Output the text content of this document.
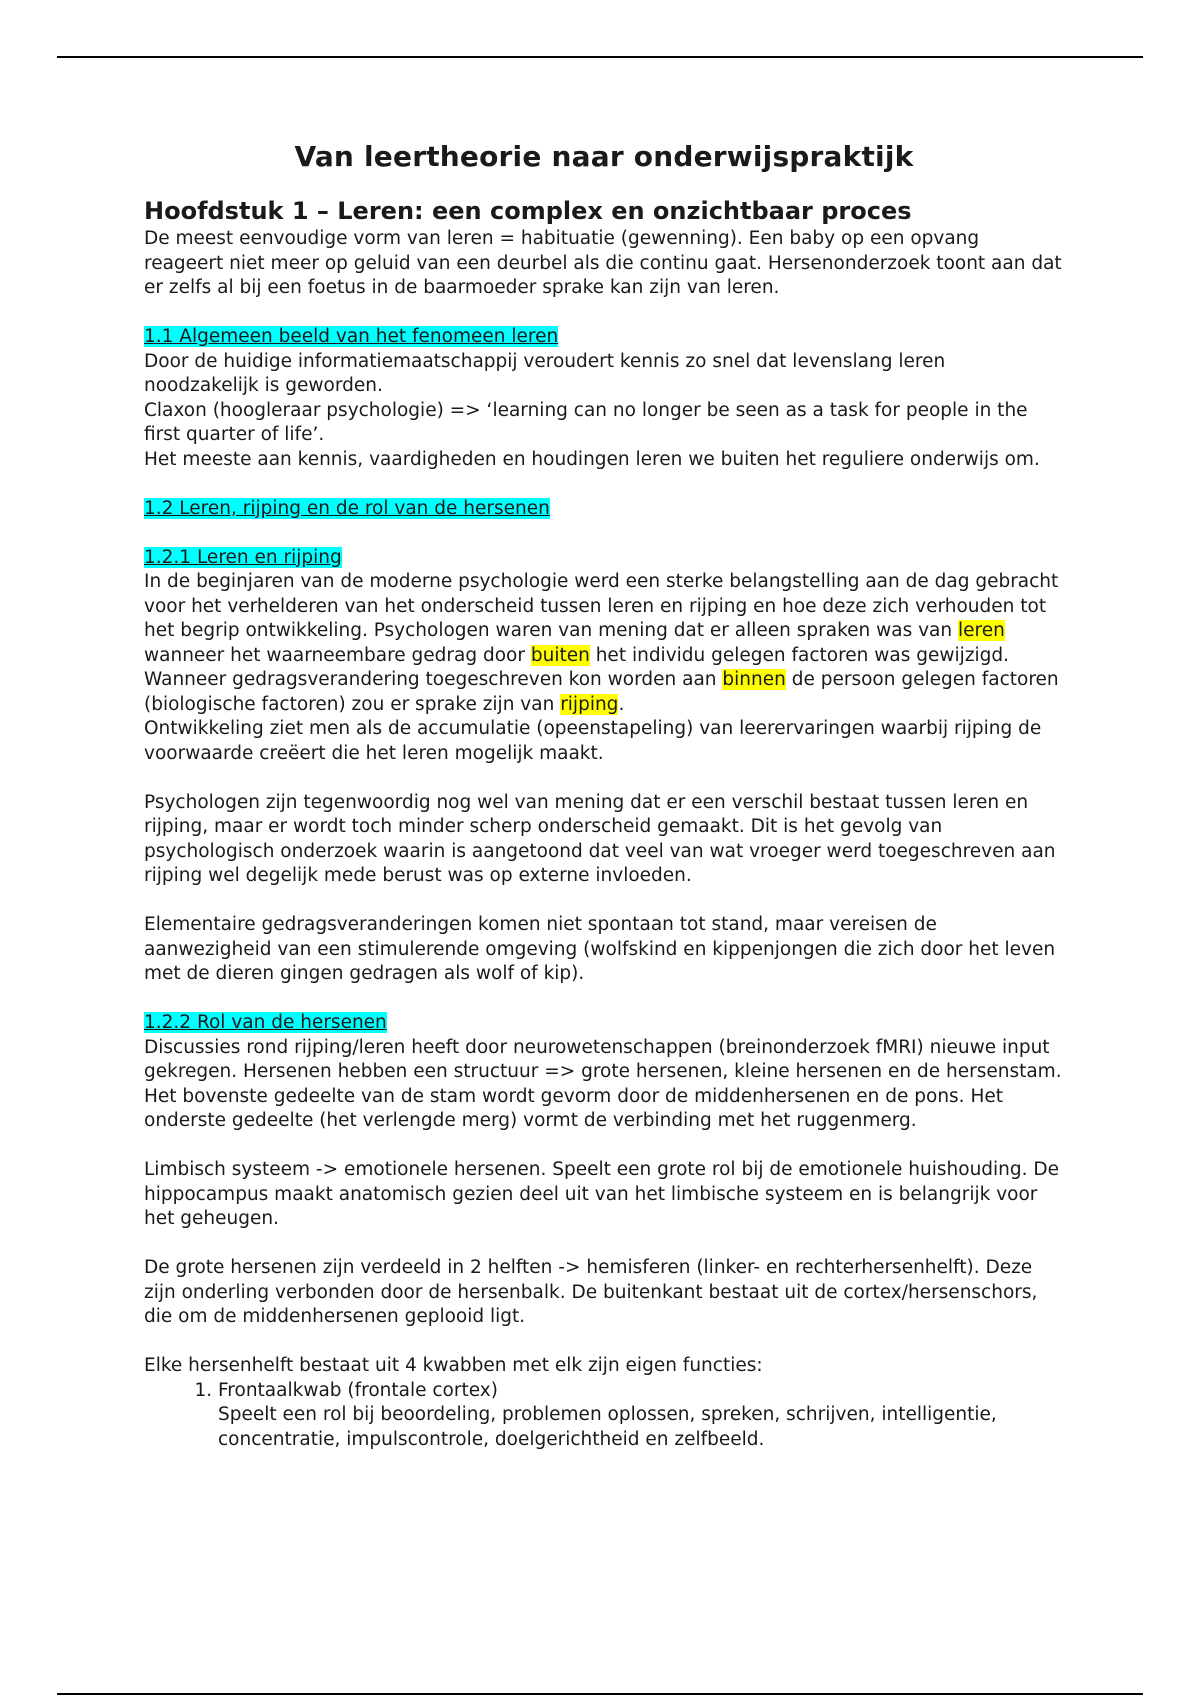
Van leertheorie naar onderwijspraktijk
Hoofdstuk 1 – Leren: een complex en onzichtbaar proces

De meest eenvoudige vorm van leren = habituatie (gewenning). Een baby op een opvang reageert niet meer op geluid van een deurbel als die continu gaat. Hersenonderzoek toont aan dat er zelfs al bij een foetus in de baarmoeder sprake kan zijn van leren.

1.1 Algemeen beeld van het fenomeen leren

Door de huidige informatiemaatschappij veroudert kennis zo snel dat levenslang leren noodzakelijk is geworden.

Claxon (hoogleraar psychologie) => ‘learning can no longer be seen as a task for people in the first quarter of life’.

Het meeste aan kennis, vaardigheden en houdingen leren we buiten het reguliere onderwijs om.

1.2 Leren, rijping en de rol van de hersenen

1.2.1 Leren en rijping

In de beginjaren van de moderne psychologie werd een sterke belangstelling aan de dag gebracht voor het verhelderen van het onderscheid tussen leren en rijping en hoe deze zich verhouden tot het begrip ontwikkeling. Psychologen waren van mening dat er alleen spraken was van leren wanneer het waarneembare gedrag door buiten het individu gelegen factoren was gewijzigd.

Wanneer gedragsverandering toegeschreven kon worden aan binnen de persoon gelegen factoren (biologische factoren) zou er sprake zijn van rijping.

Ontwikkeling ziet men als de accumulatie (opeenstapeling) van leerervaringen waarbij rijping de voorwaarde creëert die het leren mogelijk maakt.

Psychologen zijn tegenwoordig nog wel van mening dat er een verschil bestaat tussen leren en rijping, maar er wordt toch minder scherp onderscheid gemaakt. Dit is het gevolg van psychologisch onderzoek waarin is aangetoond dat veel van wat vroeger werd toegeschreven aan rijping wel degelijk mede berust was op externe invloeden.

Elementaire gedragsveranderingen komen niet spontaan tot stand, maar vereisen de aanwezigheid van een stimulerende omgeving (wolfskind en kippenjongen die zich door het leven met de dieren gingen gedragen als wolf of kip).

1.2.2 Rol van de hersenen

Discussies rond rijping/leren heeft door neurowetenschappen (breinonderzoek fMRI) nieuwe input gekregen. Hersenen hebben een structuur => grote hersenen, kleine hersenen en de hersenstam. Het bovenste gedeelte van de stam wordt gevorm door de middenhersenen en de pons. Het onderste gedeelte (het verlengde merg) vormt de verbinding met het ruggenmerg.

Limbisch systeem -> emotionele hersenen. Speelt een grote rol bij de emotionele huishouding. De hippocampus maakt anatomisch gezien deel uit van het limbische systeem en is belangrijk voor het geheugen.

De grote hersenen zijn verdeeld in 2 helften -> hemisferen (linker- en rechterhersenhelft). Deze zijn onderling verbonden door de hersenbalk. De buitenkant bestaat uit de cortex/hersenschors, die om de middenhersenen geplooid ligt.

Elke hersenhelft bestaat uit 4 kwabben met elk zijn eigen functies:

1. Frontaalkwab (frontale cortex)
Speelt een rol bij beoordeling, problemen oplossen, spreken, schrijven, intelligentie, concentratie, impulscontrole, doelgerichtheid en zelfbeeld.
